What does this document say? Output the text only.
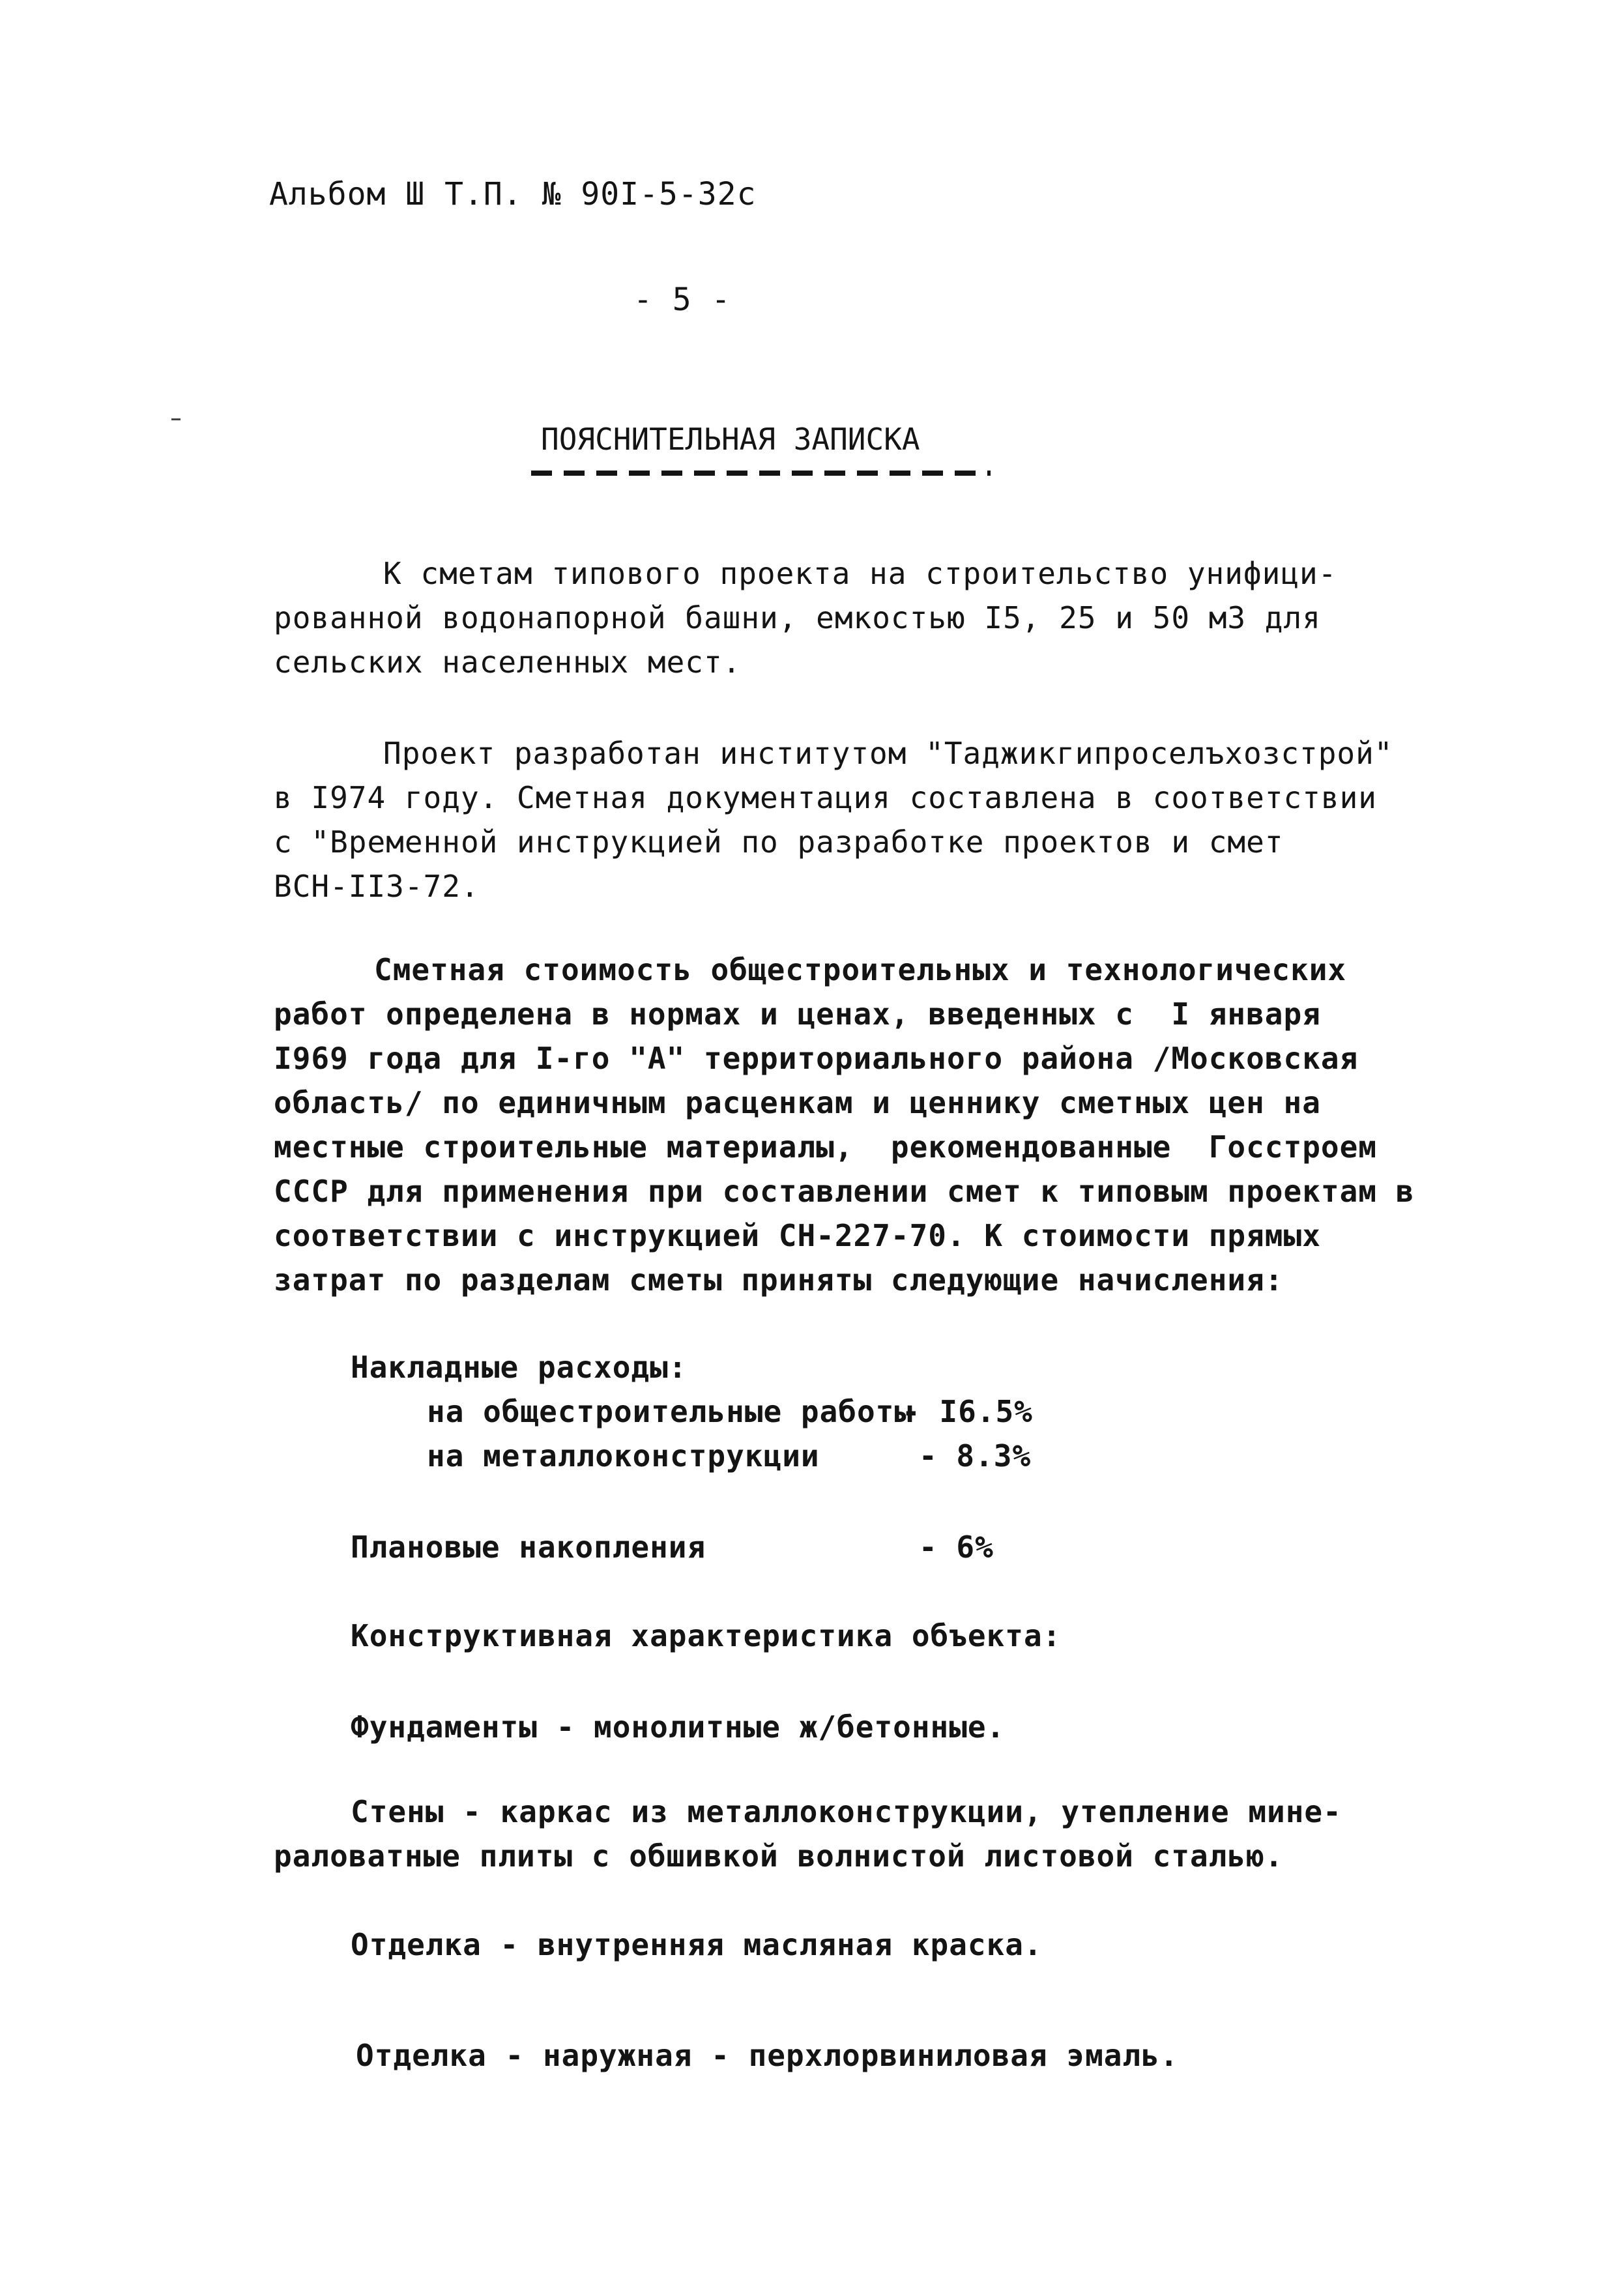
Альбом Ш Т.П. № 90I-5-32с
- 5 -
ПОЯСНИТЕЛЬНАЯ ЗАПИСКА
К сметам типового проекта на строительство унифици-
рованной водонапорной башни, емкостью I5, 25 и 50 м3 для
сельских населенных мест.
Проект разработан институтом "Таджикгипроселъхозстрой"
в I974 году. Сметная документация составлена в соответствии
с "Временной инструкцией по разработке проектов и смет
ВСН-II3-72.
Сметная стоимость общестроительных и технологических
работ определена в нормах и ценах, введенных с  I января
I969 года для I-го "А" территориального района /Московская
область/ по единичным расценкам и ценнику сметных цен на
местные строительные материалы,  рекомендованные  Госстроем
СССР для применения при составлении смет к типовым проектам в
соответствии с инструкцией СН-227-70. К стоимости прямых
затрат по разделам сметы приняты следующие начисления:
Накладные расходы:
на общестроительные работы
- I6.5%
на металлоконструкции	- 8.3%
Плановые накопления	- 6%
Конструктивная характеристика объекта:
Фундаменты - монолитные ж/бетонные.
Стены - каркас из металлоконструкции, утепление мине-
раловатные плиты с обшивкой волнистой листовой сталью.
Отделка - внутренняя масляная краска.
Отделка - наружная - перхлорвиниловая эмаль.
